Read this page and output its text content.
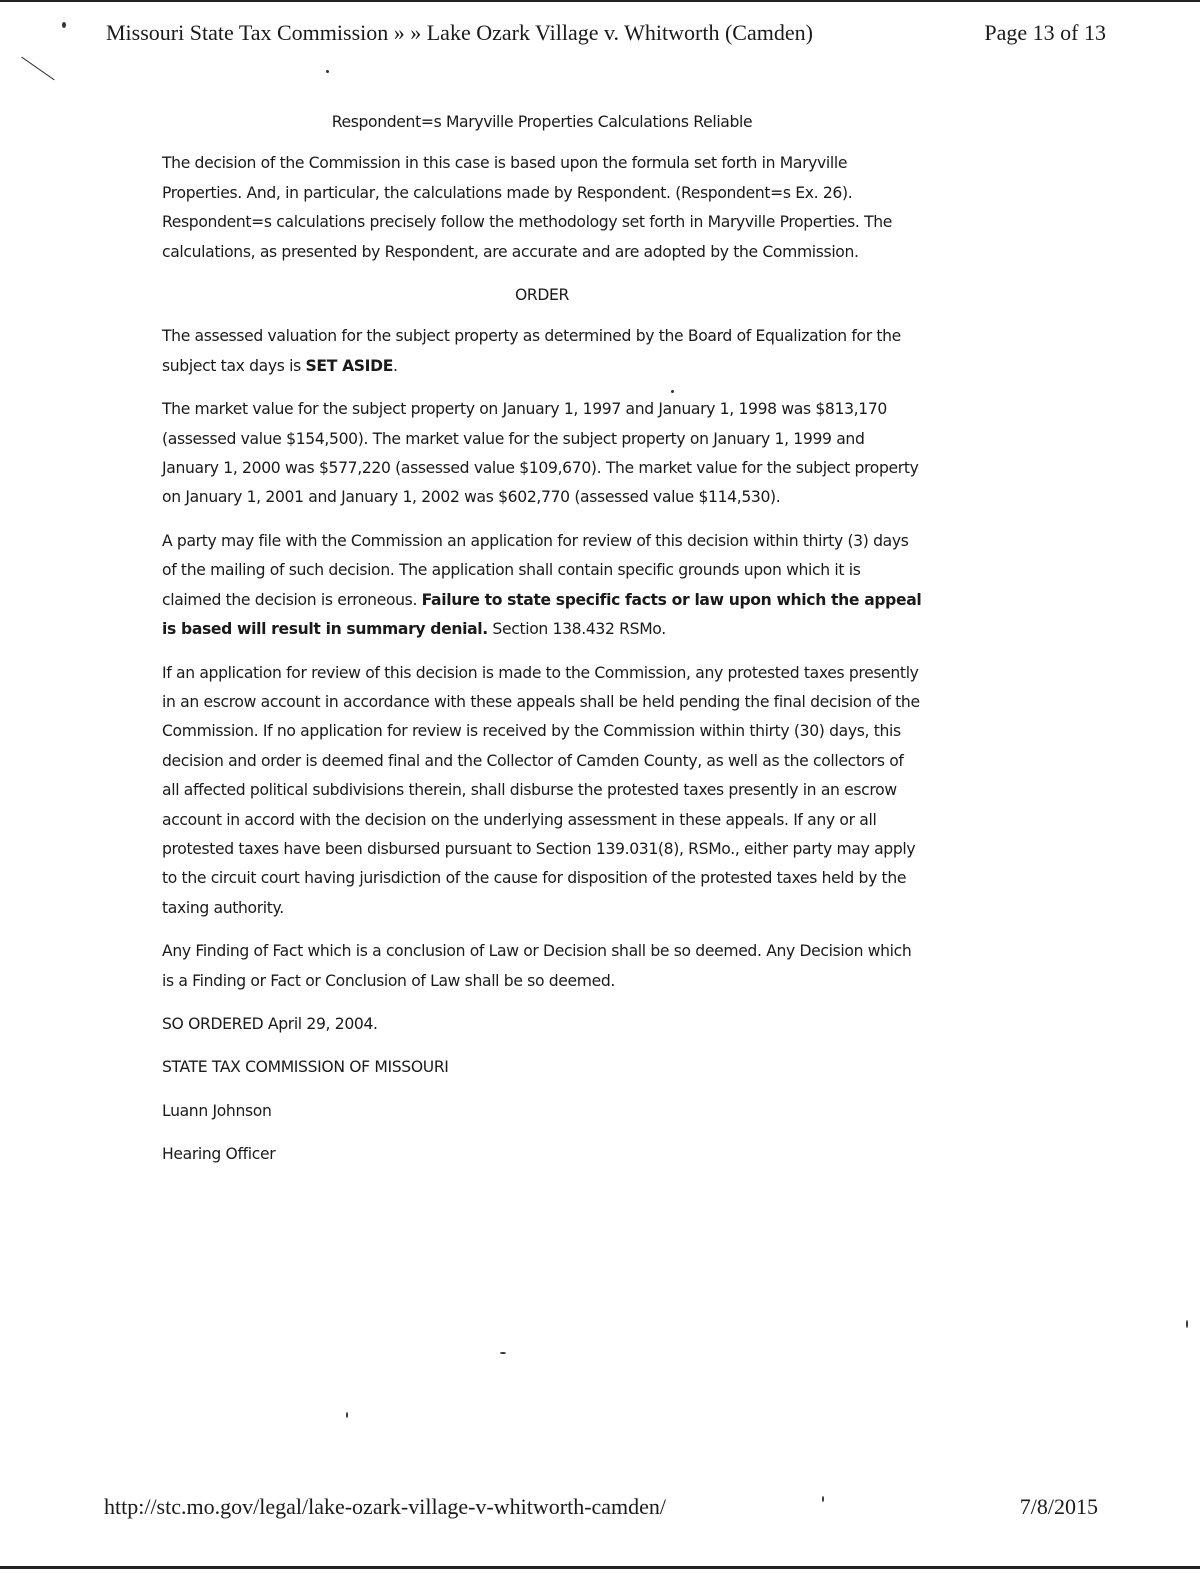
Missouri State Tax Commission » » Lake Ozark Village v. Whitworth (Camden)	Page 13 of 13

Respondent=s Maryville Properties Calculations Reliable

The decision of the Commission in this case is based upon the formula set forth in Maryville Properties. And, in particular, the calculations made by Respondent. (Respondent=s Ex. 26). Respondent=s calculations precisely follow the methodology set forth in Maryville Properties. The calculations, as presented by Respondent, are accurate and are adopted by the Commission.

ORDER

The assessed valuation for the subject property as determined by the Board of Equalization for the subject tax days is SET ASIDE.

The market value for the subject property on January 1, 1997 and January 1, 1998 was $813,170 (assessed value $154,500). The market value for the subject property on January 1, 1999 and January 1, 2000 was $577,220 (assessed value $109,670). The market value for the subject property on January 1, 2001 and January 1, 2002 was $602,770 (assessed value $114,530).

A party may file with the Commission an application for review of this decision within thirty (3) days of the mailing of such decision. The application shall contain specific grounds upon which it is claimed the decision is erroneous. Failure to state specific facts or law upon which the appeal is based will result in summary denial. Section 138.432 RSMo.

If an application for review of this decision is made to the Commission, any protested taxes presently in an escrow account in accordance with these appeals shall be held pending the final decision of the Commission. If no application for review is received by the Commission within thirty (30) days, this decision and order is deemed final and the Collector of Camden County, as well as the collectors of all affected political subdivisions therein, shall disburse the protested taxes presently in an escrow account in accord with the decision on the underlying assessment in these appeals. If any or all protested taxes have been disbursed pursuant to Section 139.031(8), RSMo., either party may apply to the circuit court having jurisdiction of the cause for disposition of the protested taxes held by the taxing authority.

Any Finding of Fact which is a conclusion of Law or Decision shall be so deemed. Any Decision which is a Finding or Fact or Conclusion of Law shall be so deemed.

SO ORDERED April 29, 2004.

STATE TAX COMMISSION OF MISSOURI

Luann Johnson

Hearing Officer

http://stc.mo.gov/legal/lake-ozark-village-v-whitworth-camden/	7/8/2015
